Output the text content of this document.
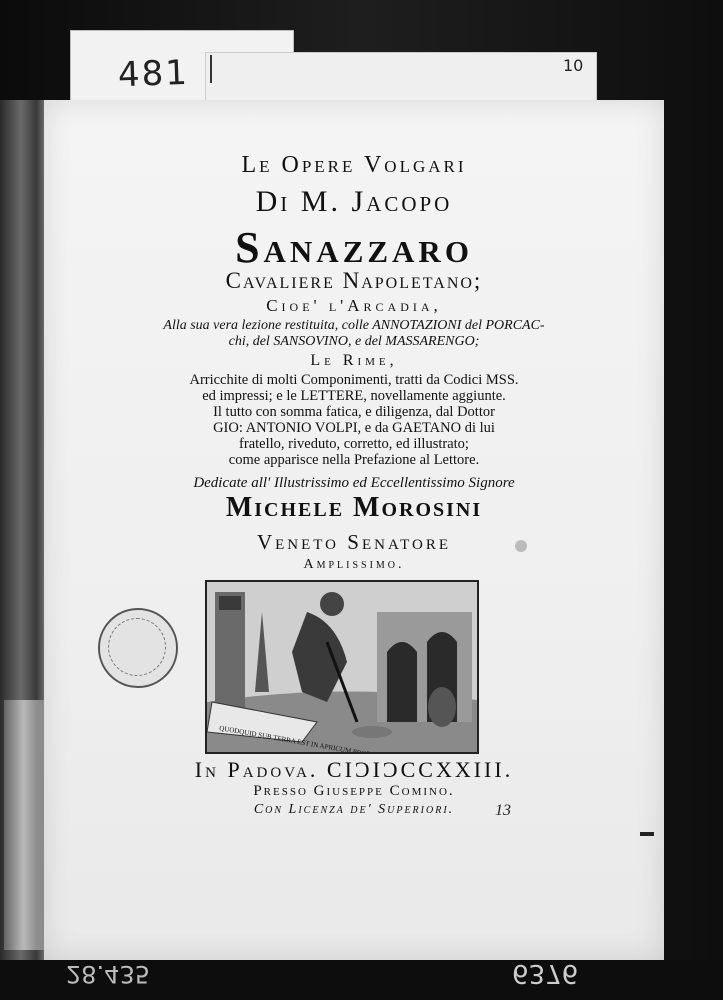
481	10
Le Opere Volgari
Di M. Jacopo
Sanazzaro
Cavaliere Napoletano;
Cioe' l'Arcadia,
Alla sua vera lezione restituita, colle ANNOTAZIONI del PORCAC-
chi, del SANSOVINO, e del MASSARENGO;
Le Rime,
Arricchite di molti Componimenti, tratti da Codici MSS.
ed impressi; e le LETTERE, novellamente aggiunte.
Il tutto con somma fatica, e diligenza, dal Dottor
GIO: ANTONIO VOLPI, e da GAETANO di lui
fratello, riveduto, corretto, ed illustrato;
come apparisce nella Prefazione al Lettore.
Dedicate all' Illustrissimo ed Eccellentissimo Signore
Michele Morosini
Veneto Senatore
Amplissimo.
In Padova. CIƆIƆCCXXIII.
Presso Giuseppe Comino.
Con Licenza de' Superiori.	13
28.435	6376
